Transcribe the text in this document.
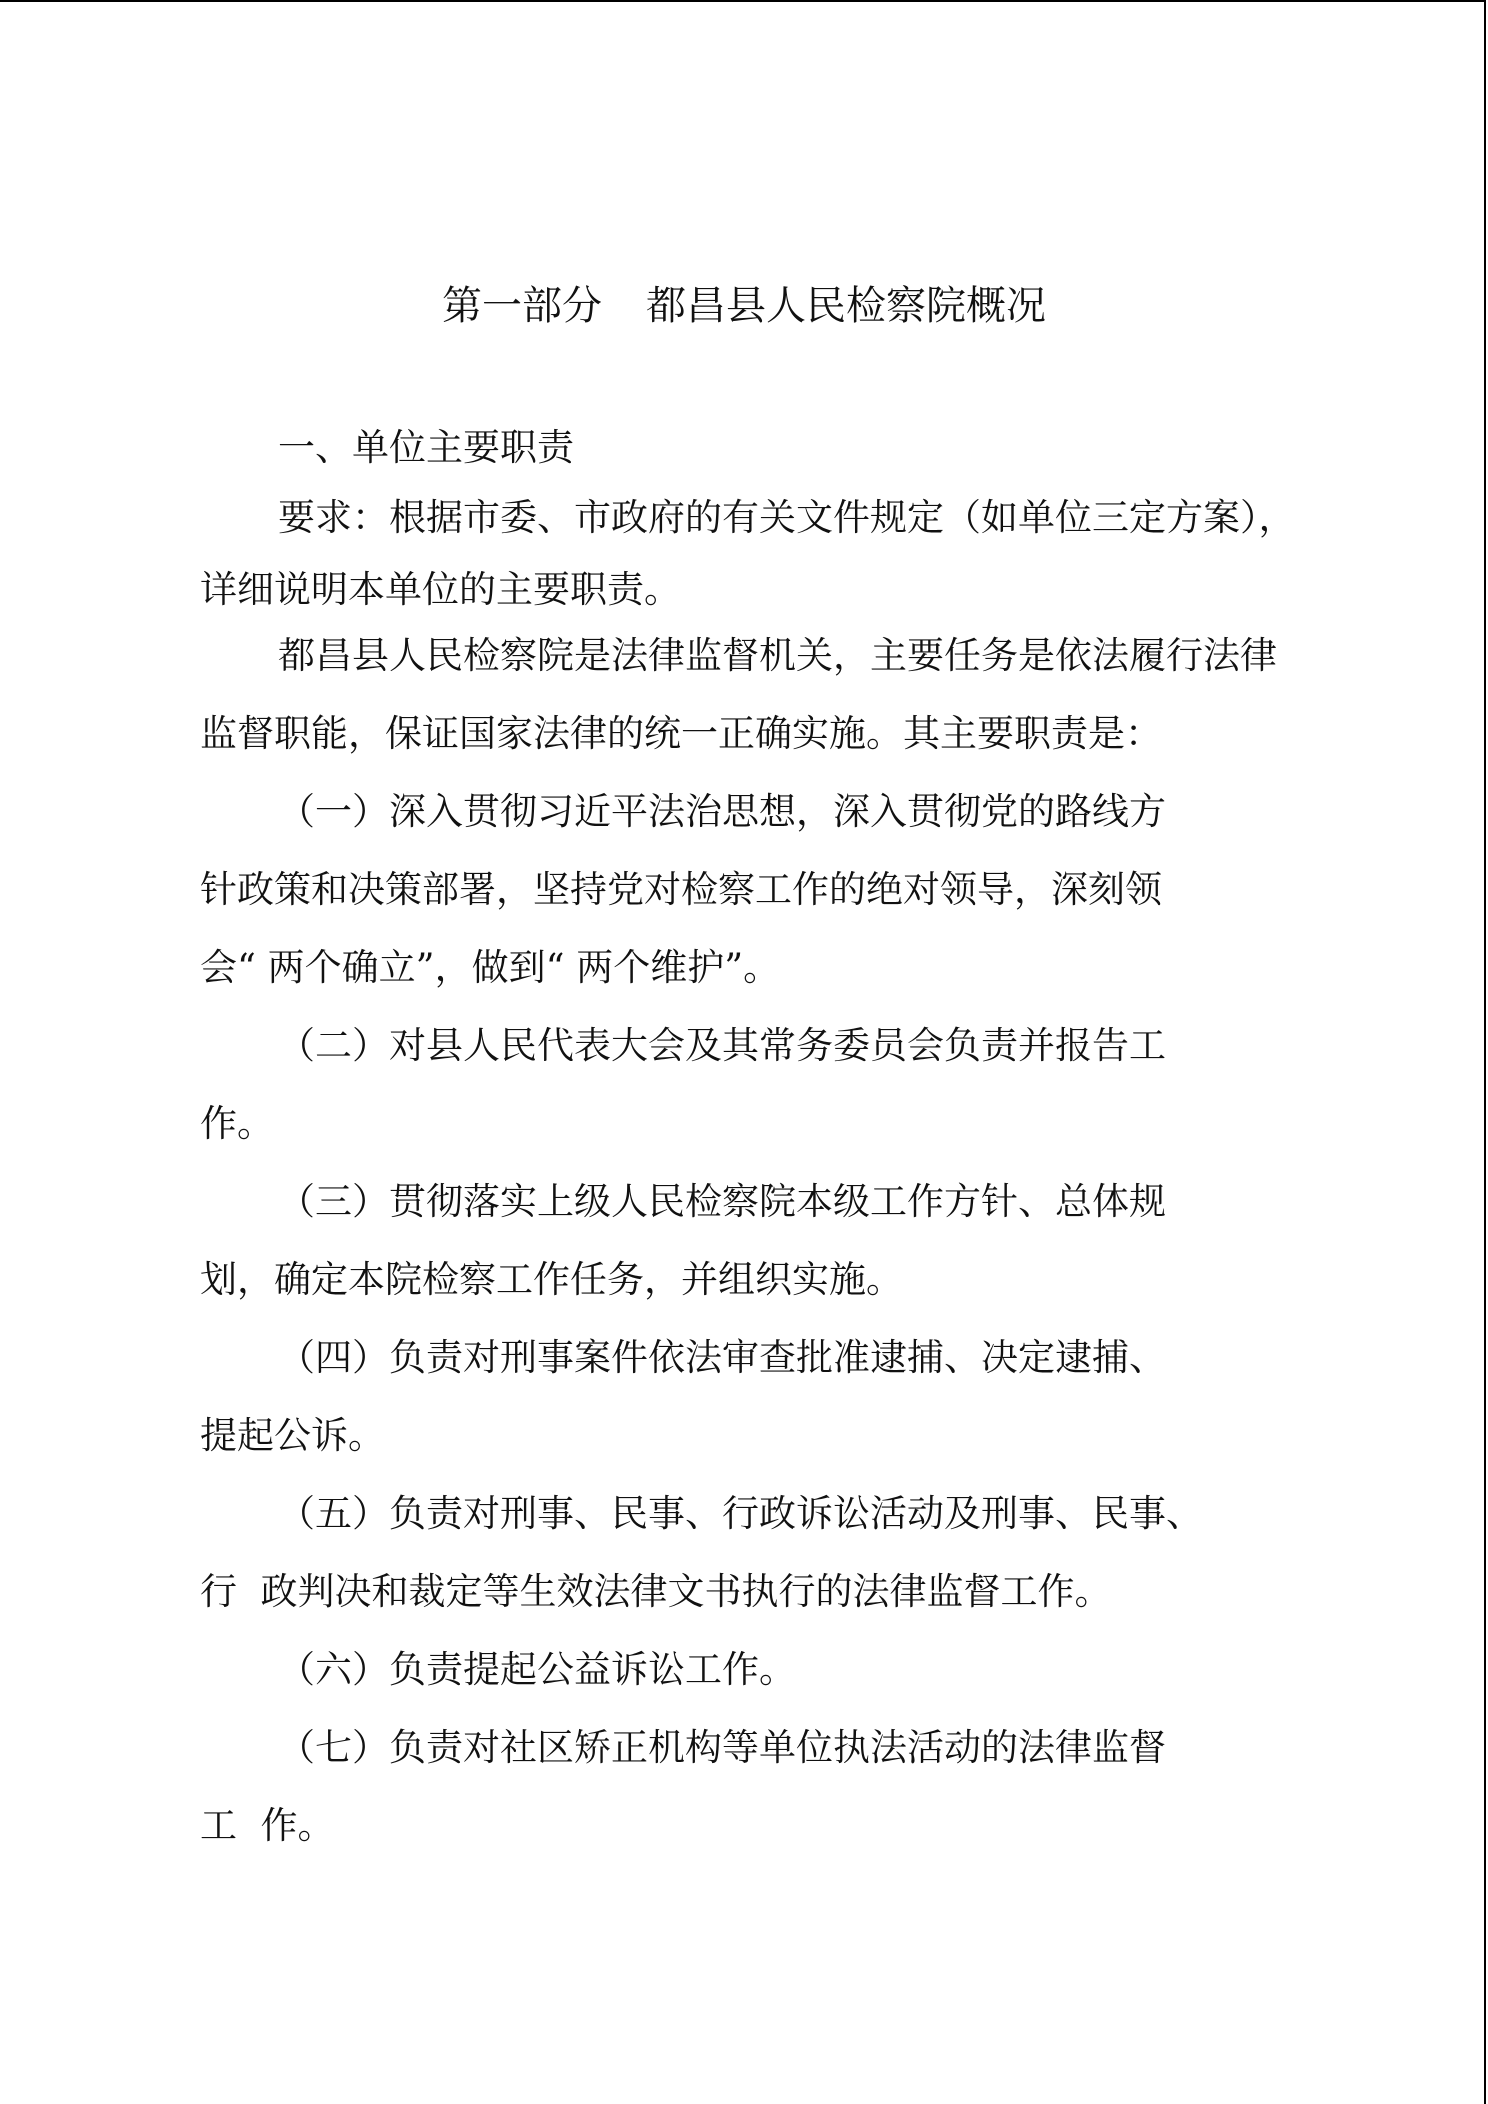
第一部分 都昌县人民检察院概况
一、单位主要职责
要求：根据市委、市政府的有关文件规定（如单位三定方案），
详细说明本单位的主要职责。
都昌县人民检察院是法律监督机关，主要任务是依法履行法律
监督职能，保证国家法律的统一正确实施。其主要职责是：
（一）深入贯彻习近平法治思想，深入贯彻党的路线方
针政策和决策部署，坚持党对检察工作的绝对领导，深刻领
会“ 两个确立”，做到“ 两个维护”。
（二）对县人民代表大会及其常务委员会负责并报告工
作。
（三）贯彻落实上级人民检察院本级工作方针、总体规
划，确定本院检察工作任务，并组织实施。
（四）负责对刑事案件依法审查批准逮捕、决定逮捕、
提起公诉。
（五）负责对刑事、民事、行政诉讼活动及刑事、民事、
行  政判决和裁定等生效法律文书执行的法律监督工作。
（六）负责提起公益诉讼工作。
（七）负责对社区矫正机构等单位执法活动的法律监督
工  作。
